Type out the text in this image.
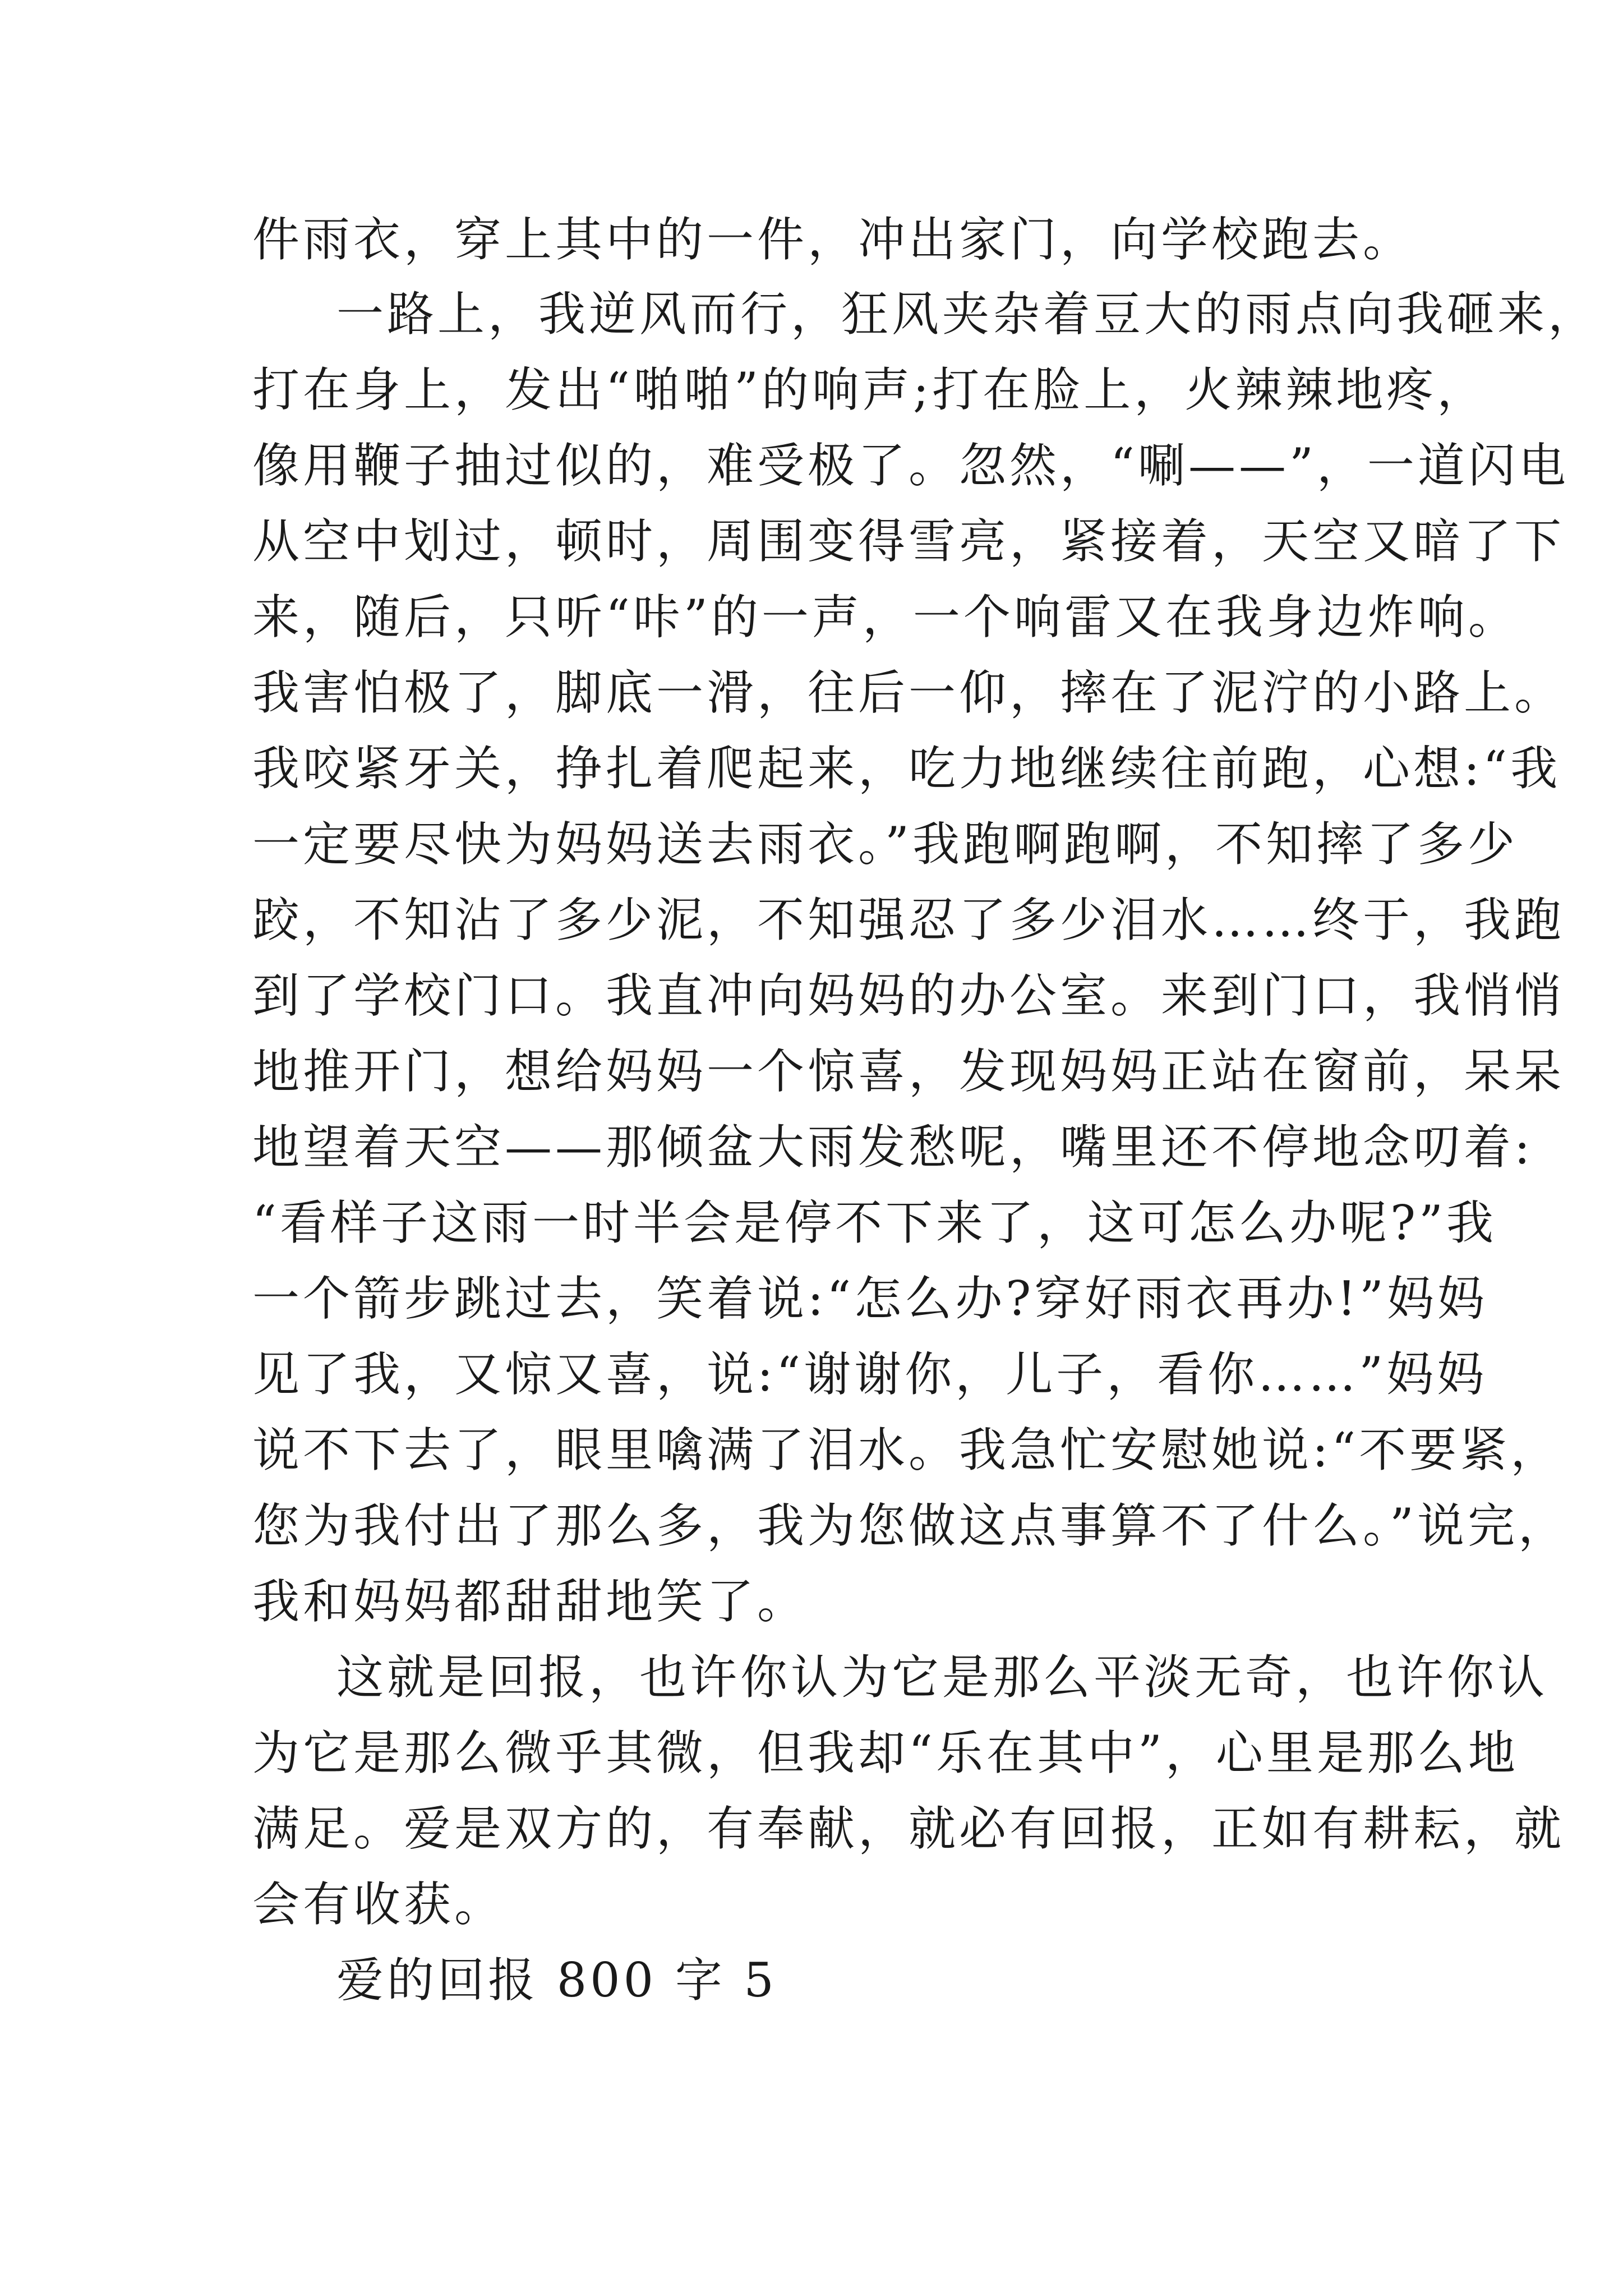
件雨衣，穿上其中的一件，冲出家门，向学校跑去。
一路上，我逆风而行，狂风夹杂着豆大的雨点向我砸来，
打在身上，发出“啪啪”的响声;打在脸上，火辣辣地疼，
像用鞭子抽过似的，难受极了。忽然，“唰——”，一道闪电
从空中划过，顿时，周围变得雪亮，紧接着，天空又暗了下
来，随后，只听“咔”的一声，一个响雷又在我身边炸响。
我害怕极了，脚底一滑，往后一仰，摔在了泥泞的小路上。
我咬紧牙关，挣扎着爬起来，吃力地继续往前跑，心想:“我
一定要尽快为妈妈送去雨衣。”我跑啊跑啊，不知摔了多少
跤，不知沾了多少泥，不知强忍了多少泪水……终于，我跑
到了学校门口。我直冲向妈妈的办公室。来到门口，我悄悄
地推开门，想给妈妈一个惊喜，发现妈妈正站在窗前，呆呆
地望着天空——那倾盆大雨发愁呢，嘴里还不停地念叨着:
“看样子这雨一时半会是停不下来了，这可怎么办呢?”我
一个箭步跳过去，笑着说:“怎么办?穿好雨衣再办!”妈妈
见了我，又惊又喜，说:“谢谢你，儿子，看你……”妈妈
说不下去了，眼里噙满了泪水。我急忙安慰她说:“不要紧，
您为我付出了那么多，我为您做这点事算不了什么。”说完，
我和妈妈都甜甜地笑了。
这就是回报，也许你认为它是那么平淡无奇，也许你认
为它是那么微乎其微，但我却“乐在其中”，心里是那么地
满足。爱是双方的，有奉献，就必有回报，正如有耕耘，就
会有收获。
爱的回报 800 字 5
